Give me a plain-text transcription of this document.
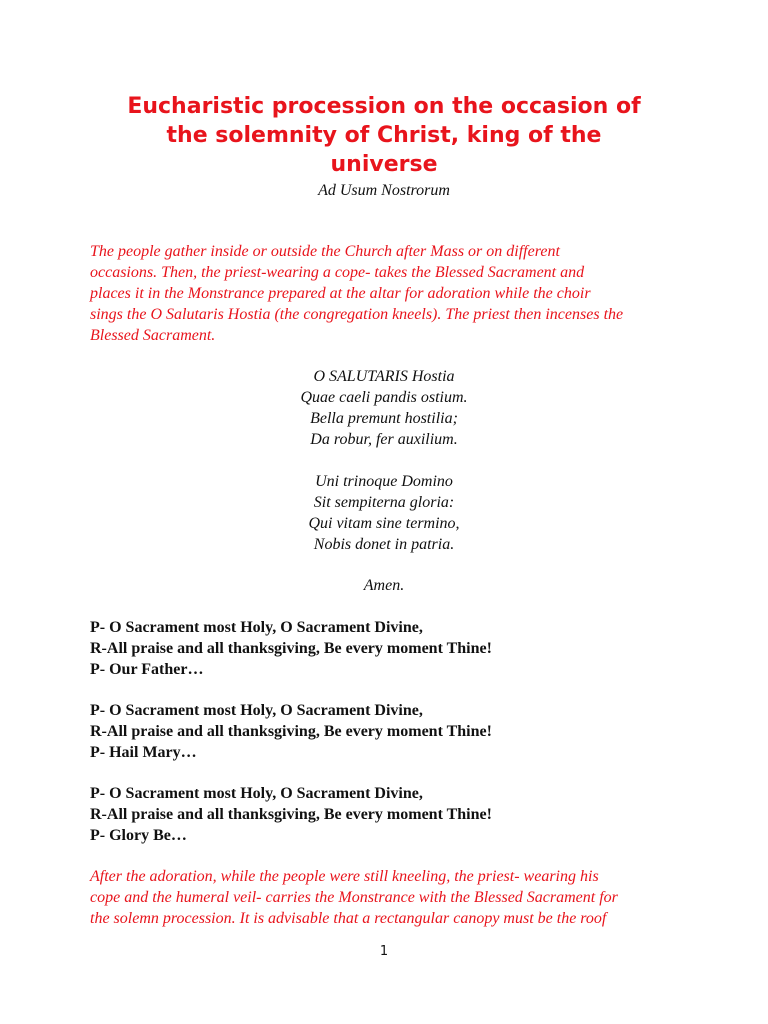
Eucharistic procession on the occasion of
the solemnity of Christ, king of the
universe
Ad Usum Nostrorum
The people gather inside or outside the Church after Mass or on different
occasions. Then, the priest-wearing a cope- takes the Blessed Sacrament and
places it in the Monstrance prepared at the altar for adoration while the choir
sings the O Salutaris Hostia (the congregation kneels). The priest then incenses the
Blessed Sacrament.
O SALUTARIS Hostia
Quae caeli pandis ostium.
Bella premunt hostilia;
Da robur, fer auxilium.
Uni trinoque Domino
Sit sempiterna gloria:
Qui vitam sine termino,
Nobis donet in patria.
Amen.
P- O Sacrament most Holy, O Sacrament Divine,
R-All praise and all thanksgiving, Be every moment Thine!
P- Our Father…
P- O Sacrament most Holy, O Sacrament Divine,
R-All praise and all thanksgiving, Be every moment Thine!
P- Hail Mary…
P- O Sacrament most Holy, O Sacrament Divine,
R-All praise and all thanksgiving, Be every moment Thine!
P- Glory Be…
After the adoration, while the people were still kneeling, the priest- wearing his
cope and the humeral veil- carries the Monstrance with the Blessed Sacrament for
the solemn procession. It is advisable that a rectangular canopy must be the roof
1
